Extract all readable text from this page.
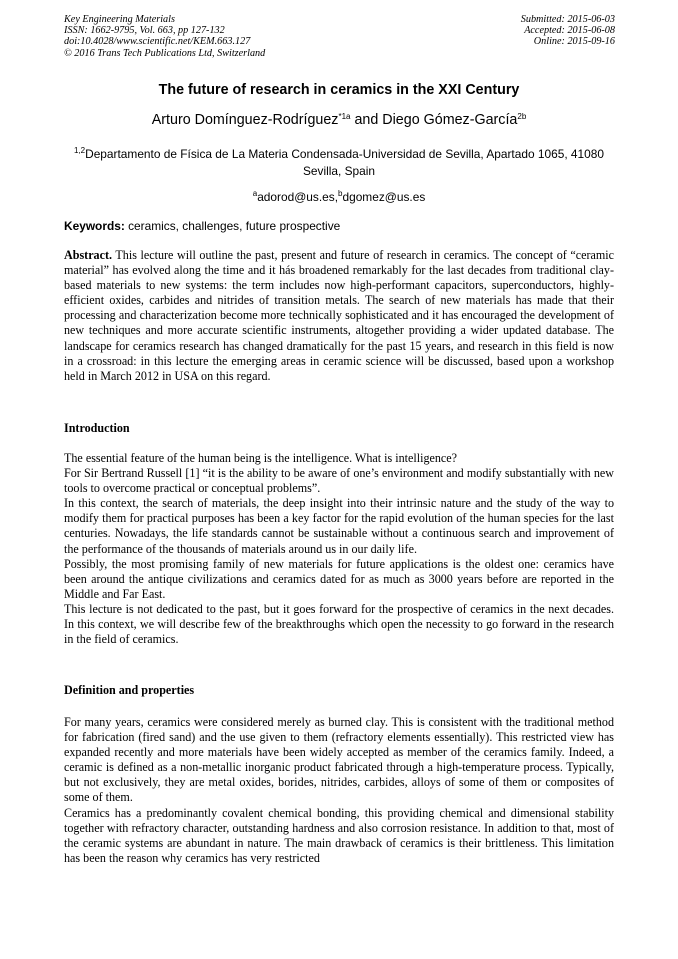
Key Engineering Materials
ISSN: 1662-9795, Vol. 663, pp 127-132
doi:10.4028/www.scientific.net/KEM.663.127
© 2016 Trans Tech Publications Ltd, Switzerland
Submitted: 2015-06-03
Accepted: 2015-06-08
Online: 2015-09-16
The future of research in ceramics in the XXI Century
Arturo Domínguez-Rodríguez$^{*1a}$ and Diego Gómez-García$^{2b}$
$^{1,2}$Departamento de Física de La Materia Condensada-Universidad de Sevilla, Apartado 1065, 41080 Sevilla, Spain
$^a$adorod@us.es,$^b$dgomez@us.es
Keywords: ceramics, challenges, future prospective
Abstract. This lecture will outline the past, present and future of research in ceramics. The concept of “ceramic material” has evolved along the time and it hás broadened remarkably for the last decades from traditional clay-based materials to new systems: the term includes now high-performant capacitors, superconductors, highly-efficient oxides, carbides and nitrides of transition metals. The search of new materials has made that their processing and characterization become more technically sophisticated and it has encouraged the development of new techniques and more accurate scientific instruments, altogether providing a wider updated database. The landscape for ceramics research has changed dramatically for the past 15 years, and research in this field is now in a crossroad: in this lecture the emerging areas in ceramic science will be discussed, based upon a workshop held in March 2012 in USA on this regard.
Introduction

The essential feature of the human being is the intelligence. What is intelligence?

For Sir Bertrand Russell [1] “it is the ability to be aware of one’s environment and modify substantially with new tools to overcome practical or conceptual problems”.

In this context, the search of materials, the deep insight into their intrinsic nature and the study of the way to modify them for practical purposes has been a key factor for the rapid evolution of the human species for the last centuries. Nowadays, the life standards cannot be sustainable without a continuous search and improvement of the performance of the thousands of materials around us in our daily life.

Possibly, the most promising family of new materials for future applications is the oldest one: ceramics have been around the antique civilizations and ceramics dated for as much as 3000 years before are reported in the Middle and Far East.

This lecture is not dedicated to the past, but it goes forward for the prospective of ceramics in the next decades. In this context, we will describe few of the breakthroughs which open the necessity to go forward in the research in the field of ceramics.

Definition and properties

For many years, ceramics were considered merely as burned clay. This is consistent with the traditional method for fabrication (fired sand) and the use given to them (refractory elements essentially). This restricted view has expanded recently and more materials have been widely accepted as member of the ceramics family. Indeed, a ceramic is defined as a non-metallic inorganic product fabricated through a high-temperature process. Typically, but not exclusively, they are metal oxides, borides, nitrides, carbides, alloys of some of them or composites of some of them.

Ceramics has a predominantly covalent chemical bonding, this providing chemical and dimensional stability together with refractory character, outstanding hardness and also corrosion resistance. In addition to that, most of the ceramic systems are abundant in nature. The main drawback of ceramics is their brittleness. This limitation has been the reason why ceramics has very restricted
